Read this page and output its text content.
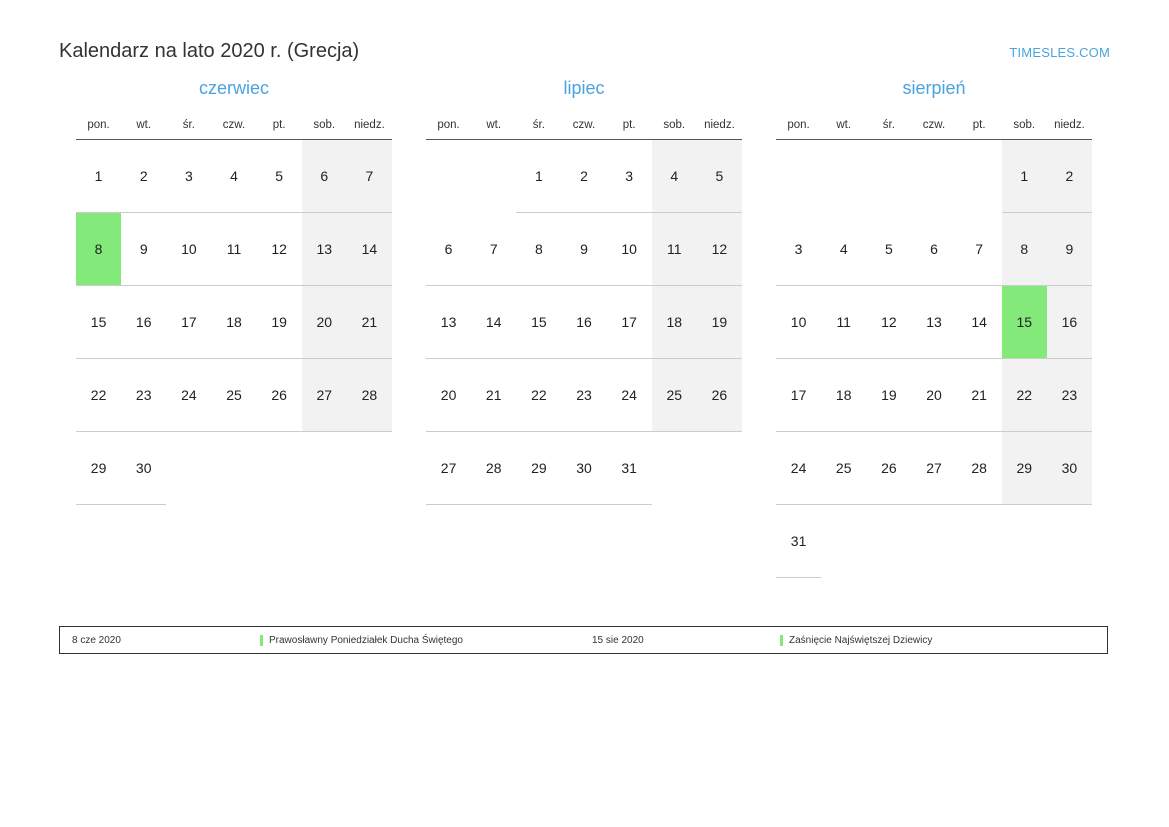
Kalendarz na lato 2020 r. (Grecja)	TIMESLES.COM
czerwiec
pon.	wt.	śr.	czw.	pt.	sob.	niedz.
1	2	3	4	5	6	7
8	9	10	11	12	13	14
15	16	17	18	19	20	21
22	23	24	25	26	27	28
29	30					
lipiec
pon.	wt.	śr.	czw.	pt.	sob.	niedz.
		1	2	3	4	5
6	7	8	9	10	11	12
13	14	15	16	17	18	19
20	21	22	23	24	25	26
27	28	29	30	31		
sierpień
pon.	wt.	śr.	czw.	pt.	sob.	niedz.
					1	2
3	4	5	6	7	8	9
10	11	12	13	14	15	16
17	18	19	20	21	22	23
24	25	26	27	28	29	30
31						
8 cze 2020	Prawosławny Poniedziałek Ducha Świętego	15 sie 2020	Zaśnięcie Najświętszej Dziewicy
